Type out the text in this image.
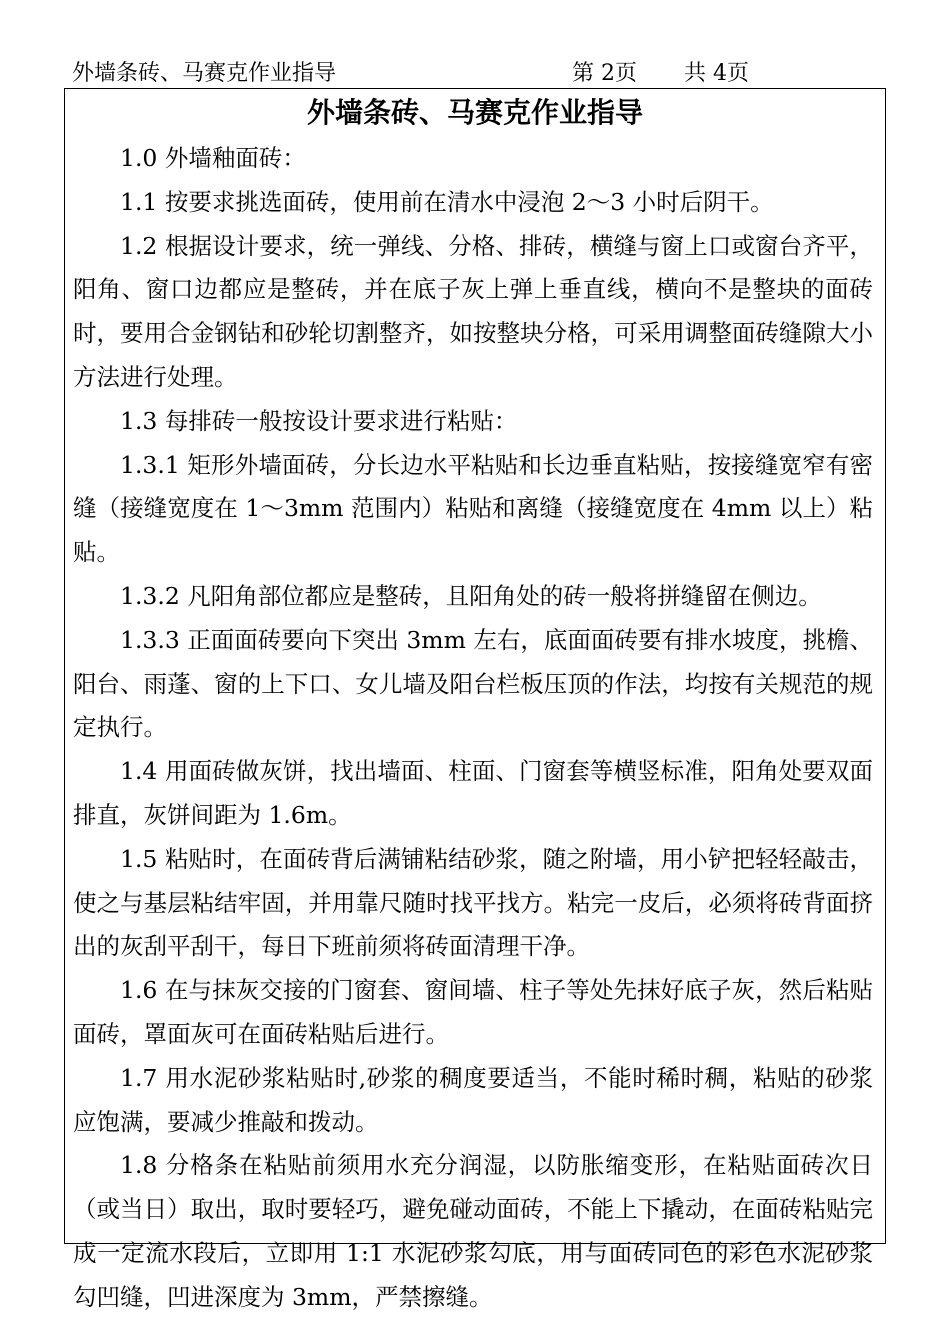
外墙条砖、马赛克作业指导	第 2页 共 4页
外墙条砖、马赛克作业指导

1.0 外墙釉面砖：

1.1 按要求挑选面砖，使用前在清水中浸泡 2～3 小时后阴干。

1.2 根据设计要求，统一弹线、分格、排砖，横缝与窗上口或窗台齐平，阳角、窗口边都应是整砖，并在底子灰上弹上垂直线，横向不是整块的面砖时，要用合金钢钻和砂轮切割整齐，如按整块分格，可采用调整面砖缝隙大小方法进行处理。

1.3 每排砖一般按设计要求进行粘贴：

1.3.1 矩形外墙面砖，分长边水平粘贴和长边垂直粘贴，按接缝宽窄有密缝（接缝宽度在 1～3mm 范围内）粘贴和离缝（接缝宽度在 4mm 以上）粘贴。

1.3.2 凡阳角部位都应是整砖，且阳角处的砖一般将拼缝留在侧边。

1.3.3 正面面砖要向下突出 3mm 左右，底面面砖要有排水坡度，挑檐、阳台、雨蓬、窗的上下口、女儿墙及阳台栏板压顶的作法，均按有关规范的规定执行。

1.4 用面砖做灰饼，找出墙面、柱面、门窗套等横竖标准，阳角处要双面排直，灰饼间距为 1.6m。

1.5 粘贴时，在面砖背后满铺粘结砂浆，随之附墙，用小铲把轻轻敲击，使之与基层粘结牢固，并用靠尺随时找平找方。粘完一皮后，必须将砖背面挤出的灰刮平刮干，每日下班前须将砖面清理干净。

1.6 在与抹灰交接的门窗套、窗间墙、柱子等处先抹好底子灰，然后粘贴面砖，罩面灰可在面砖粘贴后进行。

1.7 用水泥砂浆粘贴时,砂浆的稠度要适当，不能时稀时稠，粘贴的砂浆应饱满，要减少推敲和拨动。

1.8 分格条在粘贴前须用水充分润湿，以防胀缩变形，在粘贴面砖次日（或当日）取出，取时要轻巧，避免碰动面砖，不能上下撬动，在面砖粘贴完成一定流水段后，立即用 1:1 水泥砂浆勾底，用与面砖同色的彩色水泥砂浆勾凹缝，凹进深度为 3mm，严禁擦缝。
